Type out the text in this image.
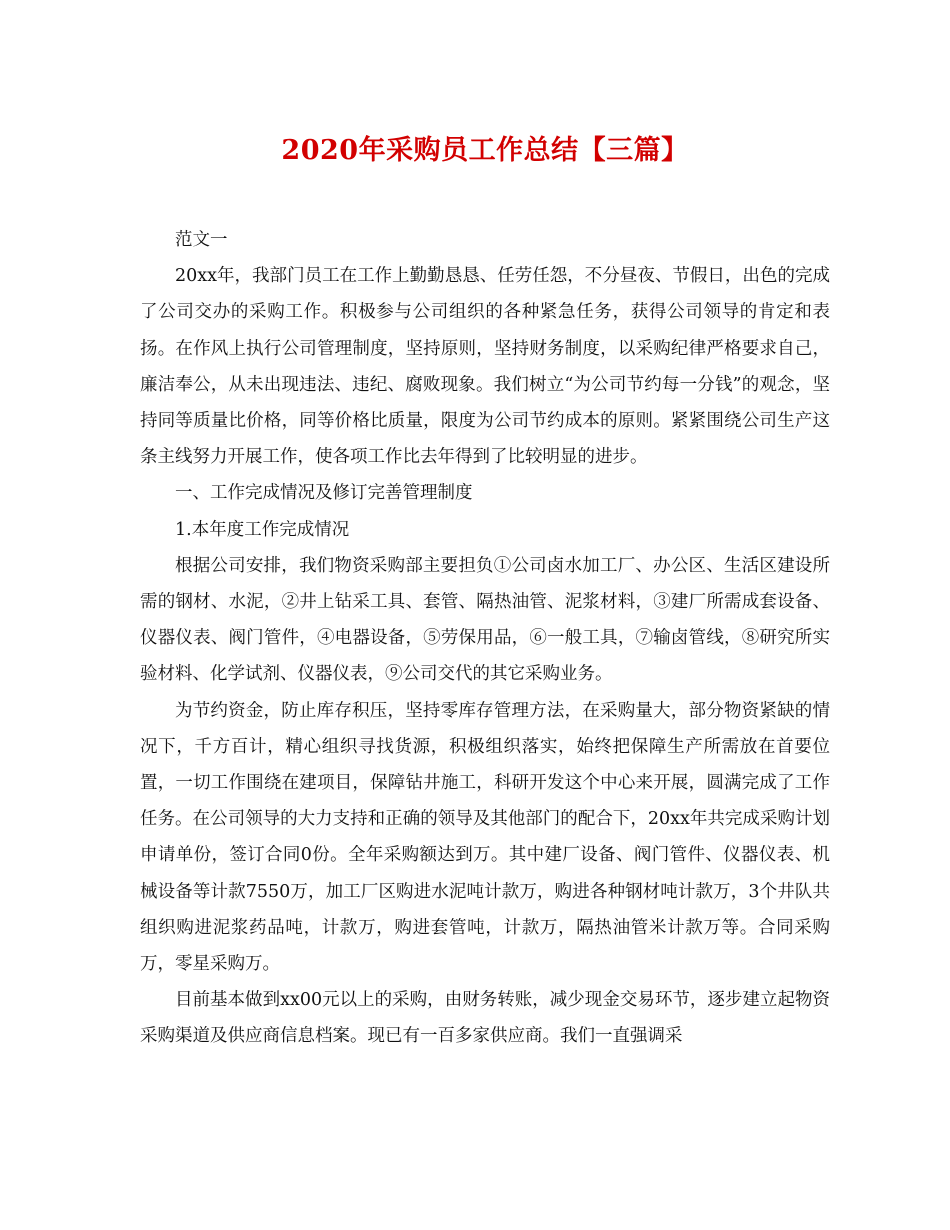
2020年采购员工作总结【三篇】

范文一

20xx年，我部门员工在工作上勤勤恳恳、任劳任怨，不分昼夜、节假日，出色的完成了公司交办的采购工作。积极参与公司组织的各种紧急任务，获得公司领导的肯定和表扬。在作风上执行公司管理制度，坚持原则，坚持财务制度，以采购纪律严格要求自己，廉洁奉公，从未出现违法、违纪、腐败现象。我们树立“为公司节约每一分钱”的观念，坚持同等质量比价格，同等价格比质量，限度为公司节约成本的原则。紧紧围绕公司生产这条主线努力开展工作，使各项工作比去年得到了比较明显的进步。

一、工作完成情况及修订完善管理制度

1.本年度工作完成情况

根据公司安排，我们物资采购部主要担负①公司卤水加工厂、办公区、生活区建设所需的钢材、水泥，②井上钻采工具、套管、隔热油管、泥浆材料，③建厂所需成套设备、仪器仪表、阀门管件，④电器设备，⑤劳保用品，⑥一般工具，⑦输卤管线，⑧研究所实验材料、化学试剂、仪器仪表，⑨公司交代的其它采购业务。

为节约资金，防止库存积压，坚持零库存管理方法，在采购量大，部分物资紧缺的情况下，千方百计，精心组织寻找货源，积极组织落实，始终把保障生产所需放在首要位置，一切工作围绕在建项目，保障钻井施工，科研开发这个中心来开展，圆满完成了工作任务。在公司领导的大力支持和正确的领导及其他部门的配合下，20xx年共完成采购计划申请单份，签订合同0份。全年采购额达到万。其中建厂设备、阀门管件、仪器仪表、机械设备等计款7550万，加工厂区购进水泥吨计款万，购进各种钢材吨计款万，3个井队共组织购进泥浆药品吨，计款万，购进套管吨，计款万，隔热油管米计款万等。合同采购万，零星采购万。

目前基本做到xx00元以上的采购，由财务转账，减少现金交易环节，逐步建立起物资采购渠道及供应商信息档案。现已有一百多家供应商。我们一直强调采
